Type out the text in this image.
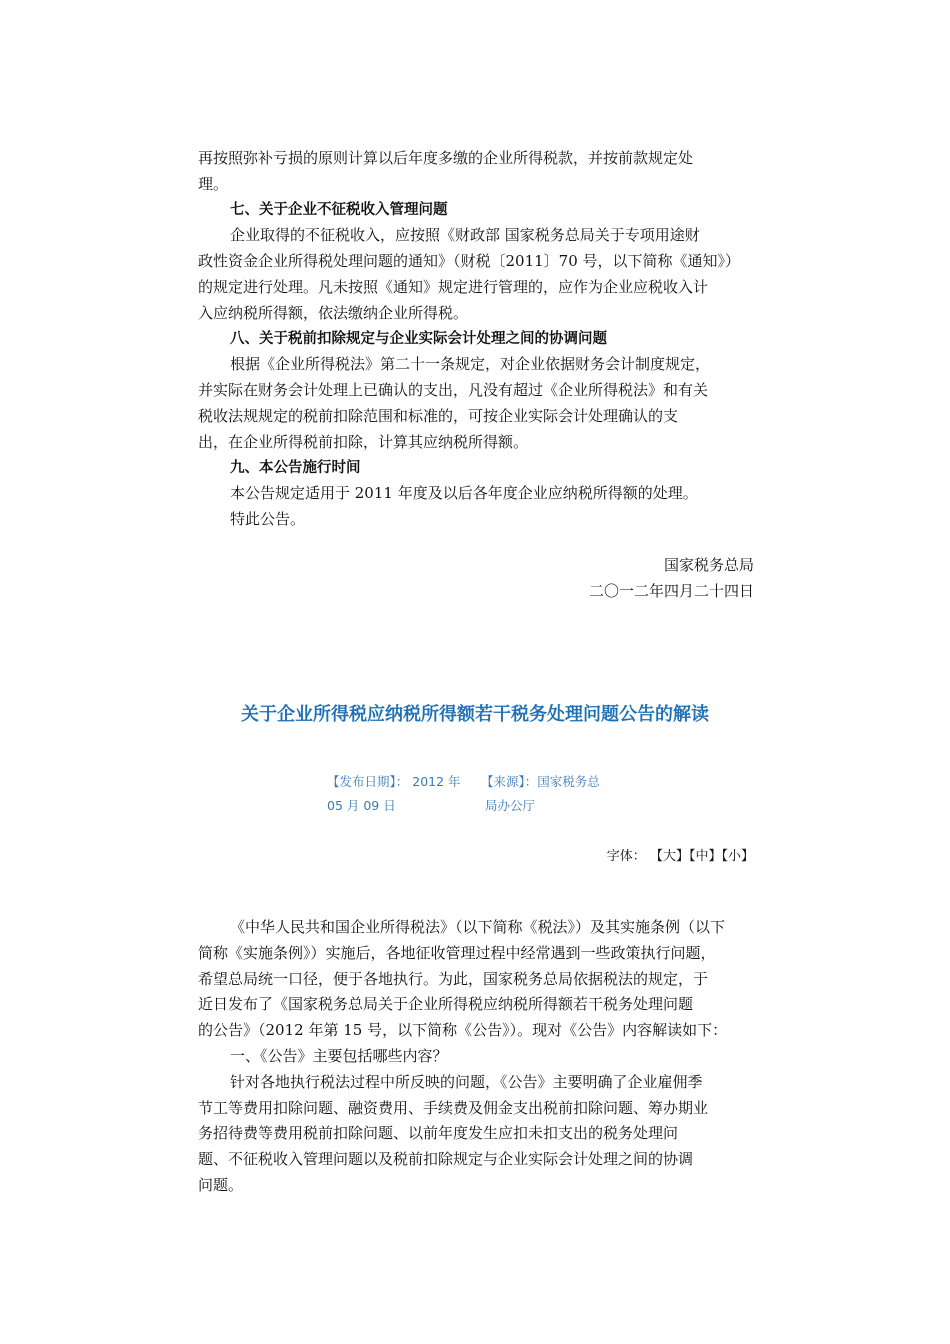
再按照弥补亏损的原则计算以后年度多缴的企业所得税款，并按前款规定处
理。
七、关于企业不征税收入管理问题
企业取得的不征税收入，应按照《财政部 国家税务总局关于专项用途财
政性资金企业所得税处理问题的通知》（财税〔2011〕70 号，以下简称《通知》）
的规定进行处理。凡未按照《通知》规定进行管理的，应作为企业应税收入计
入应纳税所得额，依法缴纳企业所得税。
八、关于税前扣除规定与企业实际会计处理之间的协调问题
根据《企业所得税法》第二十一条规定，对企业依据财务会计制度规定，
并实际在财务会计处理上已确认的支出，凡没有超过《企业所得税法》和有关
税收法规规定的税前扣除范围和标准的，可按企业实际会计处理确认的支
出，在企业所得税前扣除，计算其应纳税所得额。
九、本公告施行时间
本公告规定适用于 2011 年度及以后各年度企业应纳税所得额的处理。
特此公告。
国家税务总局
二〇一二年四月二十四日
关于企业所得税应纳税所得额若干税务处理问题公告的解读
【发布日期】： 2012 年
05 月 09 日
【来源】：国家税务总
局办公厅
字体： 【大】【中】【小】
《中华人民共和国企业所得税法》（以下简称《税法》）及其实施条例（以下
简称《实施条例》）实施后，各地征收管理过程中经常遇到一些政策执行问题，
希望总局统一口径，便于各地执行。为此，国家税务总局依据税法的规定，于
近日发布了《国家税务总局关于企业所得税应纳税所得额若干税务处理问题
的公告》（2012 年第 15 号，以下简称《公告》）。现对《公告》内容解读如下：
一、《公告》主要包括哪些内容？
针对各地执行税法过程中所反映的问题，《公告》主要明确了企业雇佣季
节工等费用扣除问题、融资费用、手续费及佣金支出税前扣除问题、筹办期业
务招待费等费用税前扣除问题、以前年度发生应扣未扣支出的税务处理问
题、不征税收入管理问题以及税前扣除规定与企业实际会计处理之间的协调
问题。
